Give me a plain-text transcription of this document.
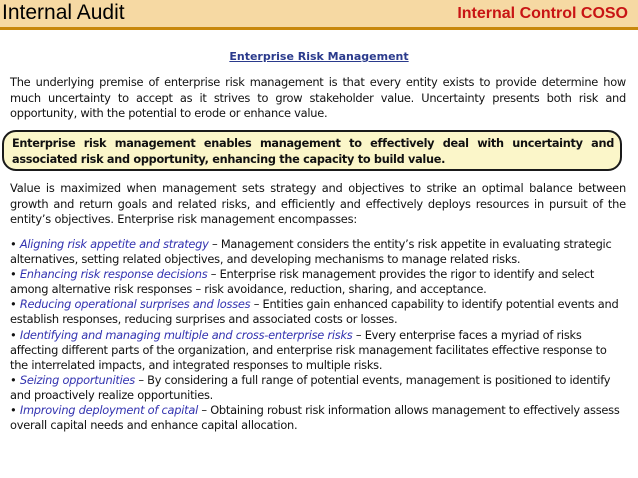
Internal Audit	Internal Control COSO
Enterprise Risk Management

The underlying premise of enterprise risk management is that every entity exists to provide determine how much uncertainty to accept as it strives to grow stakeholder value. Uncertainty presents both risk and opportunity, with the potential to erode or enhance value.

Enterprise risk management enables management to effectively deal with uncertainty and associated risk and opportunity, enhancing the capacity to build value.

Value is maximized when management sets strategy and objectives to strike an optimal balance between growth and return goals and related risks, and efficiently and effectively deploys resources in pursuit of the entity’s objectives. Enterprise risk management encompasses:

• Aligning risk appetite and strategy – Management considers the entity’s risk appetite in evaluating strategic alternatives, setting related objectives, and developing mechanisms to manage related risks.

• Enhancing risk response decisions – Enterprise risk management provides the rigor to identify and select among alternative risk responses – risk avoidance, reduction, sharing, and acceptance.

• Reducing operational surprises and losses – Entities gain enhanced capability to identify potential events and establish responses, reducing surprises and associated costs or losses.

• Identifying and managing multiple and cross-enterprise risks – Every enterprise faces a myriad of risks affecting different parts of the organization, and enterprise risk management facilitates effective response to the interrelated impacts, and integrated responses to multiple risks.

• Seizing opportunities – By considering a full range of potential events, management is positioned to identify and proactively realize opportunities.

• Improving deployment of capital – Obtaining robust risk information allows management to effectively assess overall capital needs and enhance capital allocation.
